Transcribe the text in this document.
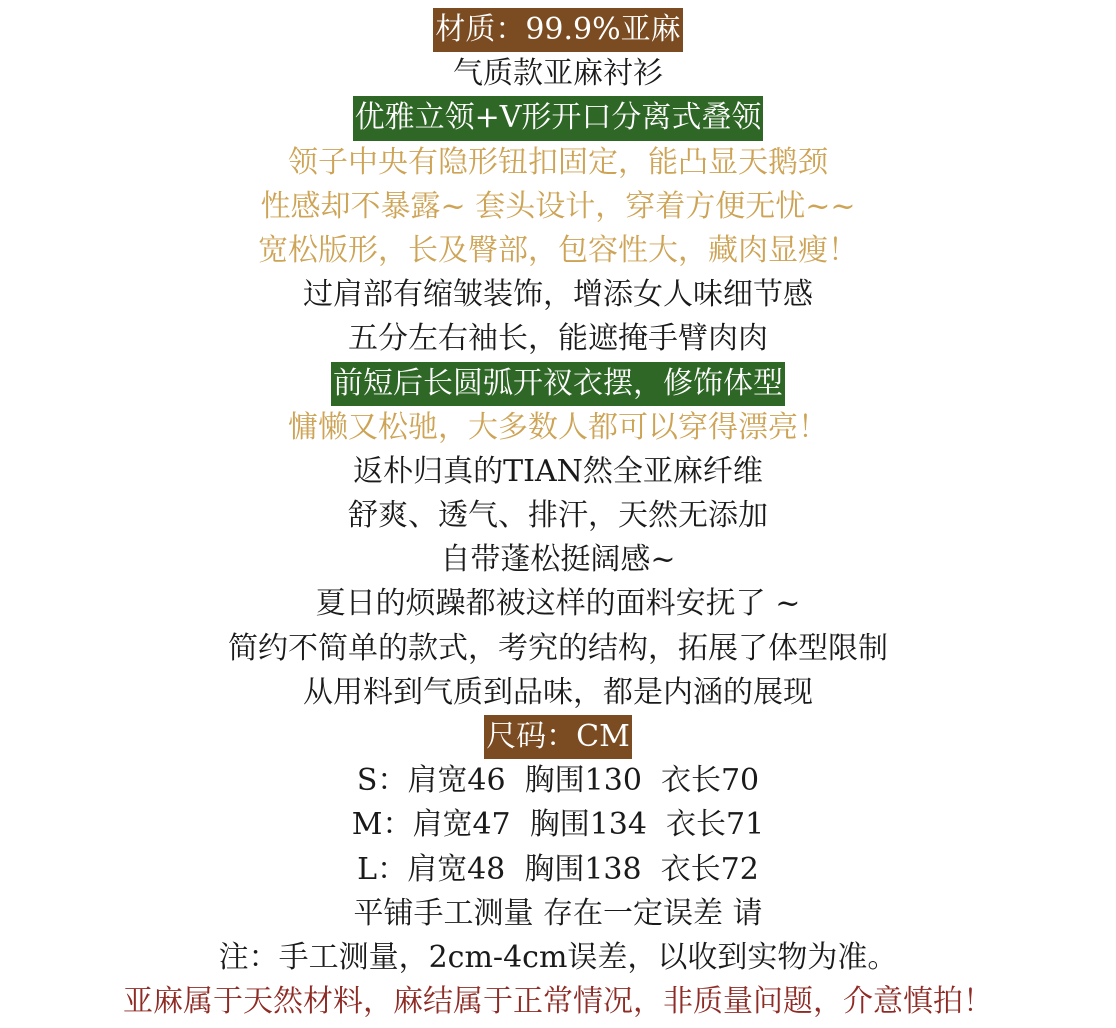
材质：99.9%亚麻
气质款亚麻衬衫
优雅立领+V形开口分离式叠领
领子中央有隐形钮扣固定，能凸显天鹅颈
性感却不暴露~ 套头设计，穿着方便无忧~~
宽松版形，长及臀部，包容性大，藏肉显瘦！
过肩部有缩皱装饰，增添女人味细节感
五分左右袖长，能遮掩手臂肉肉
前短后长圆弧开衩衣摆，修饰体型
慵懒又松驰，大多数人都可以穿得漂亮！
返朴归真的TIAN然全亚麻纤维
舒爽、透气、排汗，天然无添加
自带蓬松挺阔感~
夏日的烦躁都被这样的面料安抚了 ~
简约不简单的款式，考究的结构，拓展了体型限制
从用料到气质到品味，都是内涵的展现
尺码：CM
S：肩宽46  胸围130  衣长70
M：肩宽47  胸围134  衣长71
L：肩宽48  胸围138  衣长72
平铺手工测量 存在一定误差 请
注：手工测量，2cm-4cm误差，以收到实物为准。
亚麻属于天然材料，麻结属于正常情况，非质量问题，介意慎拍！
